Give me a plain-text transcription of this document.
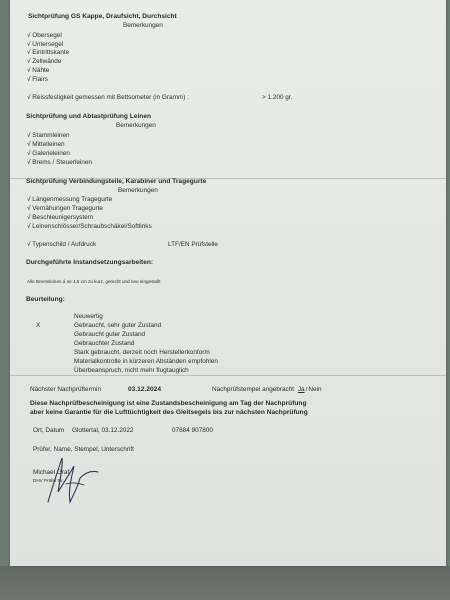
Sichtprüfung GS Kappe, Draufsicht, Durchsicht
Bemerkungen
√ Obersegel
√ Untersegel
√ Eintrittskante
√ Zellwände
√ Nähte
√ Flairs
√ Reissfestigkeit gemessen mit Bettsometer (in Gramm) :	> 1.200 gr.
Sichtprüfung und Abtastprüfung Leinen
Bemerkungen
√ Stammleinen
√ Mittelleinen
√ Galerieleinen
√ Brems / Steuerleinen
Sichtprüfung Verbindungsteile, Karabiner und Tragegurte
Bemerkungen
√ Längenmessung Tragegurte
√ Vernähungen Tragegurte
√ Beschleunigersystem
√ Leinenschlösser/Schraubschäkel/Softlinks
√ Typenschild / Aufdruck	LTF/EN Prüfstelle
Durchgeführte Instandsetzungsarbeiten:
Alle Bremsleinen á ne 4,5 cm zu kurz, gerecht und neu eingestellt
Beurteilung:
Neuwertig
X	Gebraucht, sehr guter Zustand
Gebraucht guter Zustand
Gebrauchter Zustand
Stark gebraucht, derzeit noch Herstellerkonform
Materialkontrolle in kürzeren Abständen empfohlen
Überbeanspruch, nicht mehr flugtauglich
Nächster Nachprüftermin	03.12.2024	Nachprüfstempel angebracht Ja/Nein
Diese Nachprüfbescheinigung ist eine Zustandsbescheinigung am Tag der Nachprüfung
aber keine Garantie für die Lufttüchtigkeit des Gleitsegels bis zur nächsten Nachprüfung
Ort, Datum Glottertal, 03.12.2022	07684 907800
Prüfer, Name, Stempel, Unterschrift
Michael Graf
DHV Prüfer Nr.
